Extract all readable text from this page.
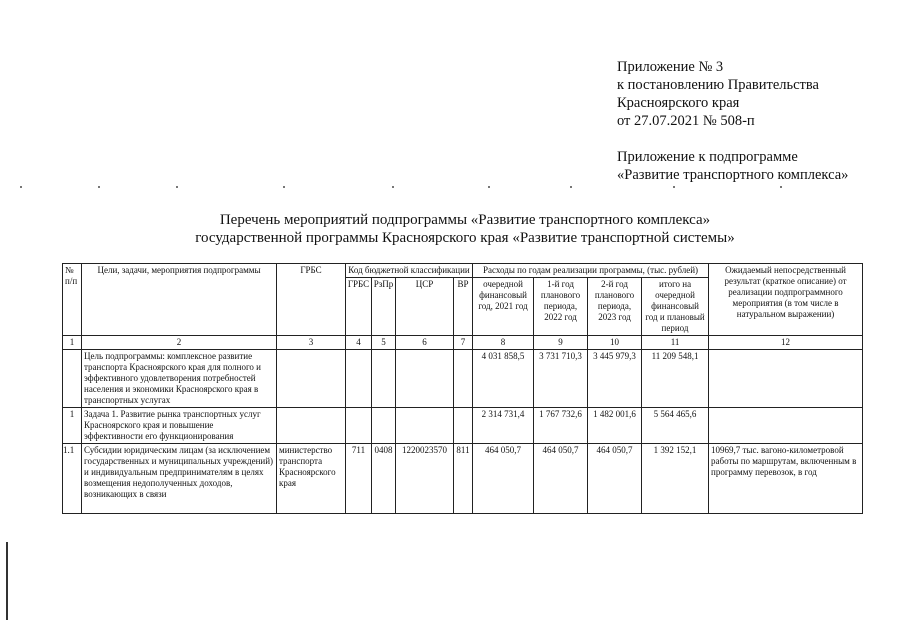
Приложение № 3
к постановлению Правительства
Красноярского края
от 27.07.2021 № 508-п
Приложение к подпрограмме
«Развитие транспортного комплекса»
Перечень мероприятий подпрограммы «Развитие транспортного комплекса»
государственной программы Красноярского края «Развитие транспортной системы»
№ п/п	Цели, задачи, мероприятия подпрограммы	ГРБС	Код бюджетной классификации				Расходы по годам реализации программы, (тыс. рублей)				Ожидаемый непосредственный результат (краткое описание) от реализации подпрограммного мероприятия (в том числе в натуральном выражении)
			ГРБС	РзПр	ЦСР	ВР	очередной финансовый год, 2021 год	1-й год планового периода, 2022 год	2-й год планового периода, 2023 год	итого на очередной финансовый год и плановый период	
1	2	3	4	5	6	7	8	9	10	11	12
	Цель подпрограммы: комплексное развитие транспорта Красноярского края для полного и эффективного удовлетворения потребностей населения и экономики Красноярского края в транспортных услугах						4 031 858,5	3 731 710,3	3 445 979,3	11 209 548,1	
1	Задача 1. Развитие рынка транспортных услуг Красноярского края и повышение эффективности его функционирования						2 314 731,4	1 767 732,6	1 482 001,6	5 564 465,6	
1.1	Субсидии юридическим лицам (за исключением государственных и муниципальных учреждений) и индивидуальным предпринимателям в целях возмещения недополученных доходов, возникающих в связи	министерство транспорта Красноярского края	711	0408	1220023570	811	464 050,7	464 050,7	464 050,7	1 392 152,1	10969,7 тыс. вагоно-километровой работы по маршрутам, включенным в программу перевозок, в год
